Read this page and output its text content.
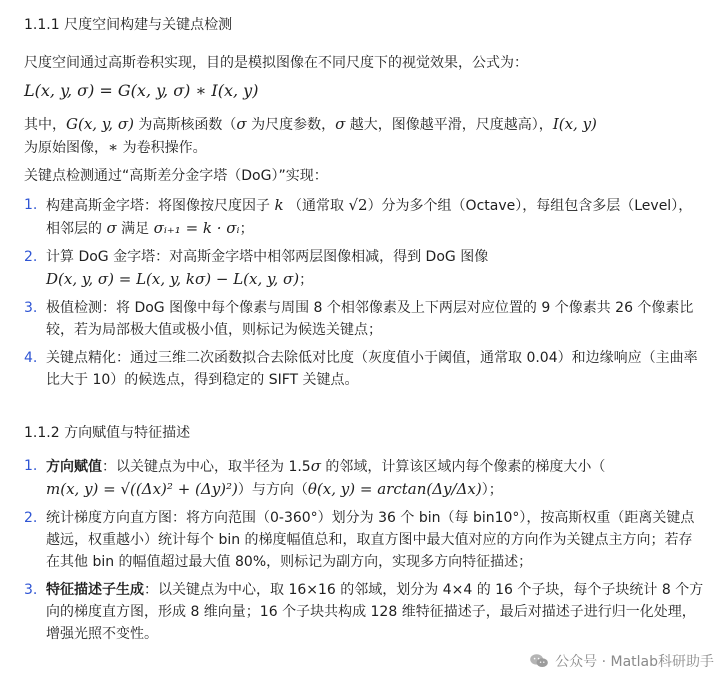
1.1.1 尺度空间构建与关键点检测
尺度空间通过高斯卷积实现，目的是模拟图像在不同尺度下的视觉效果，公式为：
L(x, y, σ) = G(x, y, σ) ∗ I(x, y)
其中，G(x, y, σ) 为高斯核函数（σ 为尺度参数，σ 越大，图像越平滑，尺度越高），I(x, y)
为原始图像，∗ 为卷积操作。
关键点检测通过“高斯差分金字塔（DoG）”实现：
1. 构建高斯金字塔：将图像按尺度因子 k （通常取 √2）分为多个组（Octave），每组包含多层（Level），相邻层的 σ 满足 σᵢ₊₁ = k · σᵢ；
2. 计算 DoG 金字塔：对高斯金字塔中相邻两层图像相减，得到 DoG 图像
D(x, y, σ) = L(x, y, kσ) − L(x, y, σ)；
3. 极值检测：将 DoG 图像中每个像素与周围 8 个相邻像素及上下两层对应位置的 9 个像素共 26 个像素比较，若为局部极大值或极小值，则标记为候选关键点；
4. 关键点精化：通过三维二次函数拟合去除低对比度（灰度值小于阈值，通常取 0.04）和边缘响应（主曲率比大于 10）的候选点，得到稳定的 SIFT 关键点。
1.1.2 方向赋值与特征描述
1. 方向赋值：以关键点为中心，取半径为 1.5σ 的邻域，计算该区域内每个像素的梯度大小（
m(x, y) = √((Δx)² + (Δy)²)）与方向（θ(x, y) = arctan(Δy/Δx)）；
2. 统计梯度方向直方图：将方向范围（0-360°）划分为 36 个 bin（每 bin10°），按高斯权重（距离关键点越远，权重越小）统计每个 bin 的梯度幅值总和，取直方图中最大值对应的方向作为关键点主方向；若存在其他 bin 的幅值超过最大值 80%，则标记为副方向，实现多方向特征描述；
3. 特征描述子生成：以关键点为中心，取 16×16 的邻域，划分为 4×4 的 16 个子块，每个子块统计 8 个方向的梯度直方图，形成 8 维向量；16 个子块共构成 128 维特征描述子，最后对描述子进行归一化处理，增强光照不变性。
公众号 · Matlab科研助手
